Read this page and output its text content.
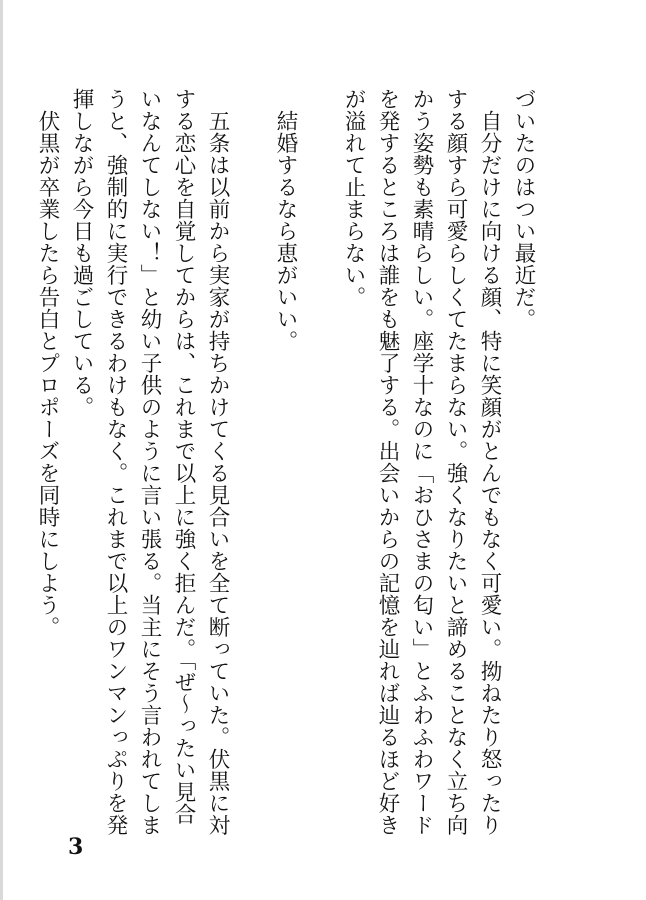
づいたのはつい最近だ。

自分だけに向ける顔、特に笑顔がとんでもなく可愛い。拗ねたり怒ったりする顔すら可愛らしくてたまらない。強くなりたいと諦めることなく立ち向かう姿勢も素晴らしい。座学十なのに「おひさまの匂い」とふわふわワードを発するところは誰をも魅了する。出会いからの記憶を辿れば辿るほど好きが溢れて止まらない。

結婚するなら恵がいい。

五条は以前から実家が持ちかけてくる見合いを全て断っていた。伏黒に対する恋心を自覚してからは、これまで以上に強く拒んだ。「ぜ〜ったい見合いなんてしない！」と幼い子供のように言い張る。当主にそう言われてしまうと、強制的に実行できるわけもなく。これまで以上のワンマンっぷりを発揮しながら今日も過ごしている。

伏黒が卒業したら告白とプロポーズを同時にしよう。

3
